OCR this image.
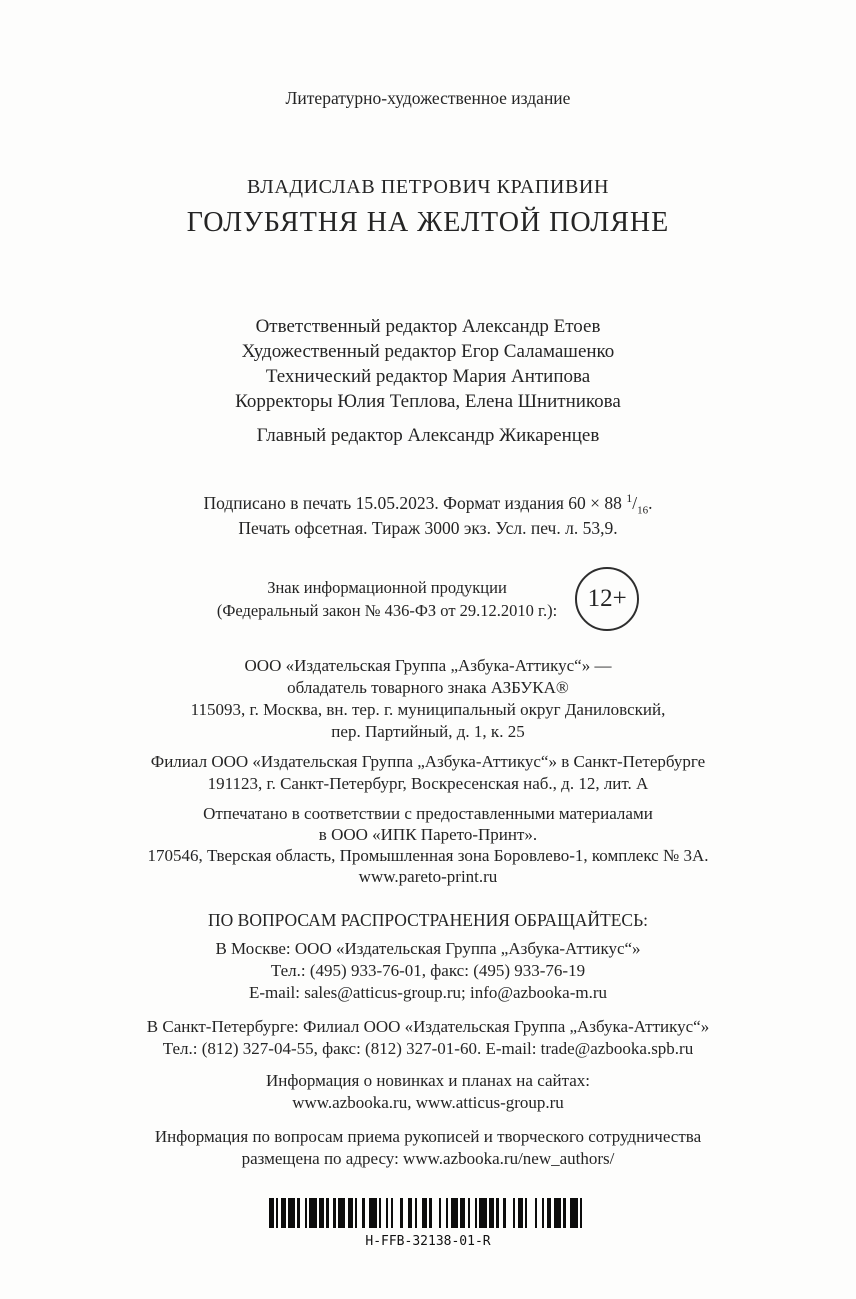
Литературно-художественное издание
ВЛАДИСЛАВ ПЕТРОВИЧ КРАПИВИН
ГОЛУБЯТНЯ НА ЖЕЛТОЙ ПОЛЯНЕ
Ответственный редактор Александр Етоев
Художественный редактор Егор Саламашенко
Технический редактор Мария Антипова
Корректоры Юлия Теплова, Елена Шнитникова
Главный редактор Александр Жикаренцев
Подписано в печать 15.05.2023. Формат издания 60 × 88 $^1/_{16}$.
Печать офсетная. Тираж 3000 экз. Усл. печ. л. 53,9.
Знак информационной продукции
(Федеральный закон № 436-ФЗ от 29.12.2010 г.):	12+
ООО «Издательская Группа „Азбука-Аттикус“» —
обладатель товарного знака АЗБУКА®
115093, г. Москва, вн. тер. г. муниципальный округ Даниловский,
пер. Партийный, д. 1, к. 25
Филиал ООО «Издательская Группа „Азбука-Аттикус“» в Санкт-Петербурге
191123, г. Санкт-Петербург, Воскресенская наб., д. 12, лит. А
Отпечатано в соответствии с предоставленными материалами
в ООО «ИПК Парето-Принт».
170546, Тверская область, Промышленная зона Боровлево-1, комплекс № 3А.
www.pareto-print.ru
ПО ВОПРОСАМ РАСПРОСТРАНЕНИЯ ОБРАЩАЙТЕСЬ:
В Москве: ООО «Издательская Группа „Азбука-Аттикус“»
Тел.: (495) 933-76-01, факс: (495) 933-76-19
E-mail: sales@atticus-group.ru; info@azbooka-m.ru
В Санкт-Петербурге: Филиал ООО «Издательская Группа „Азбука-Аттикус“»
Тел.: (812) 327-04-55, факс: (812) 327-01-60. E-mail: trade@azbooka.spb.ru
Информация о новинках и планах на сайтах:
www.azbooka.ru, www.atticus-group.ru
Информация по вопросам приема рукописей и творческого сотрудничества
размещена по адресу: www.azbooka.ru/new_authors/
H-FFB-32138-01-R
